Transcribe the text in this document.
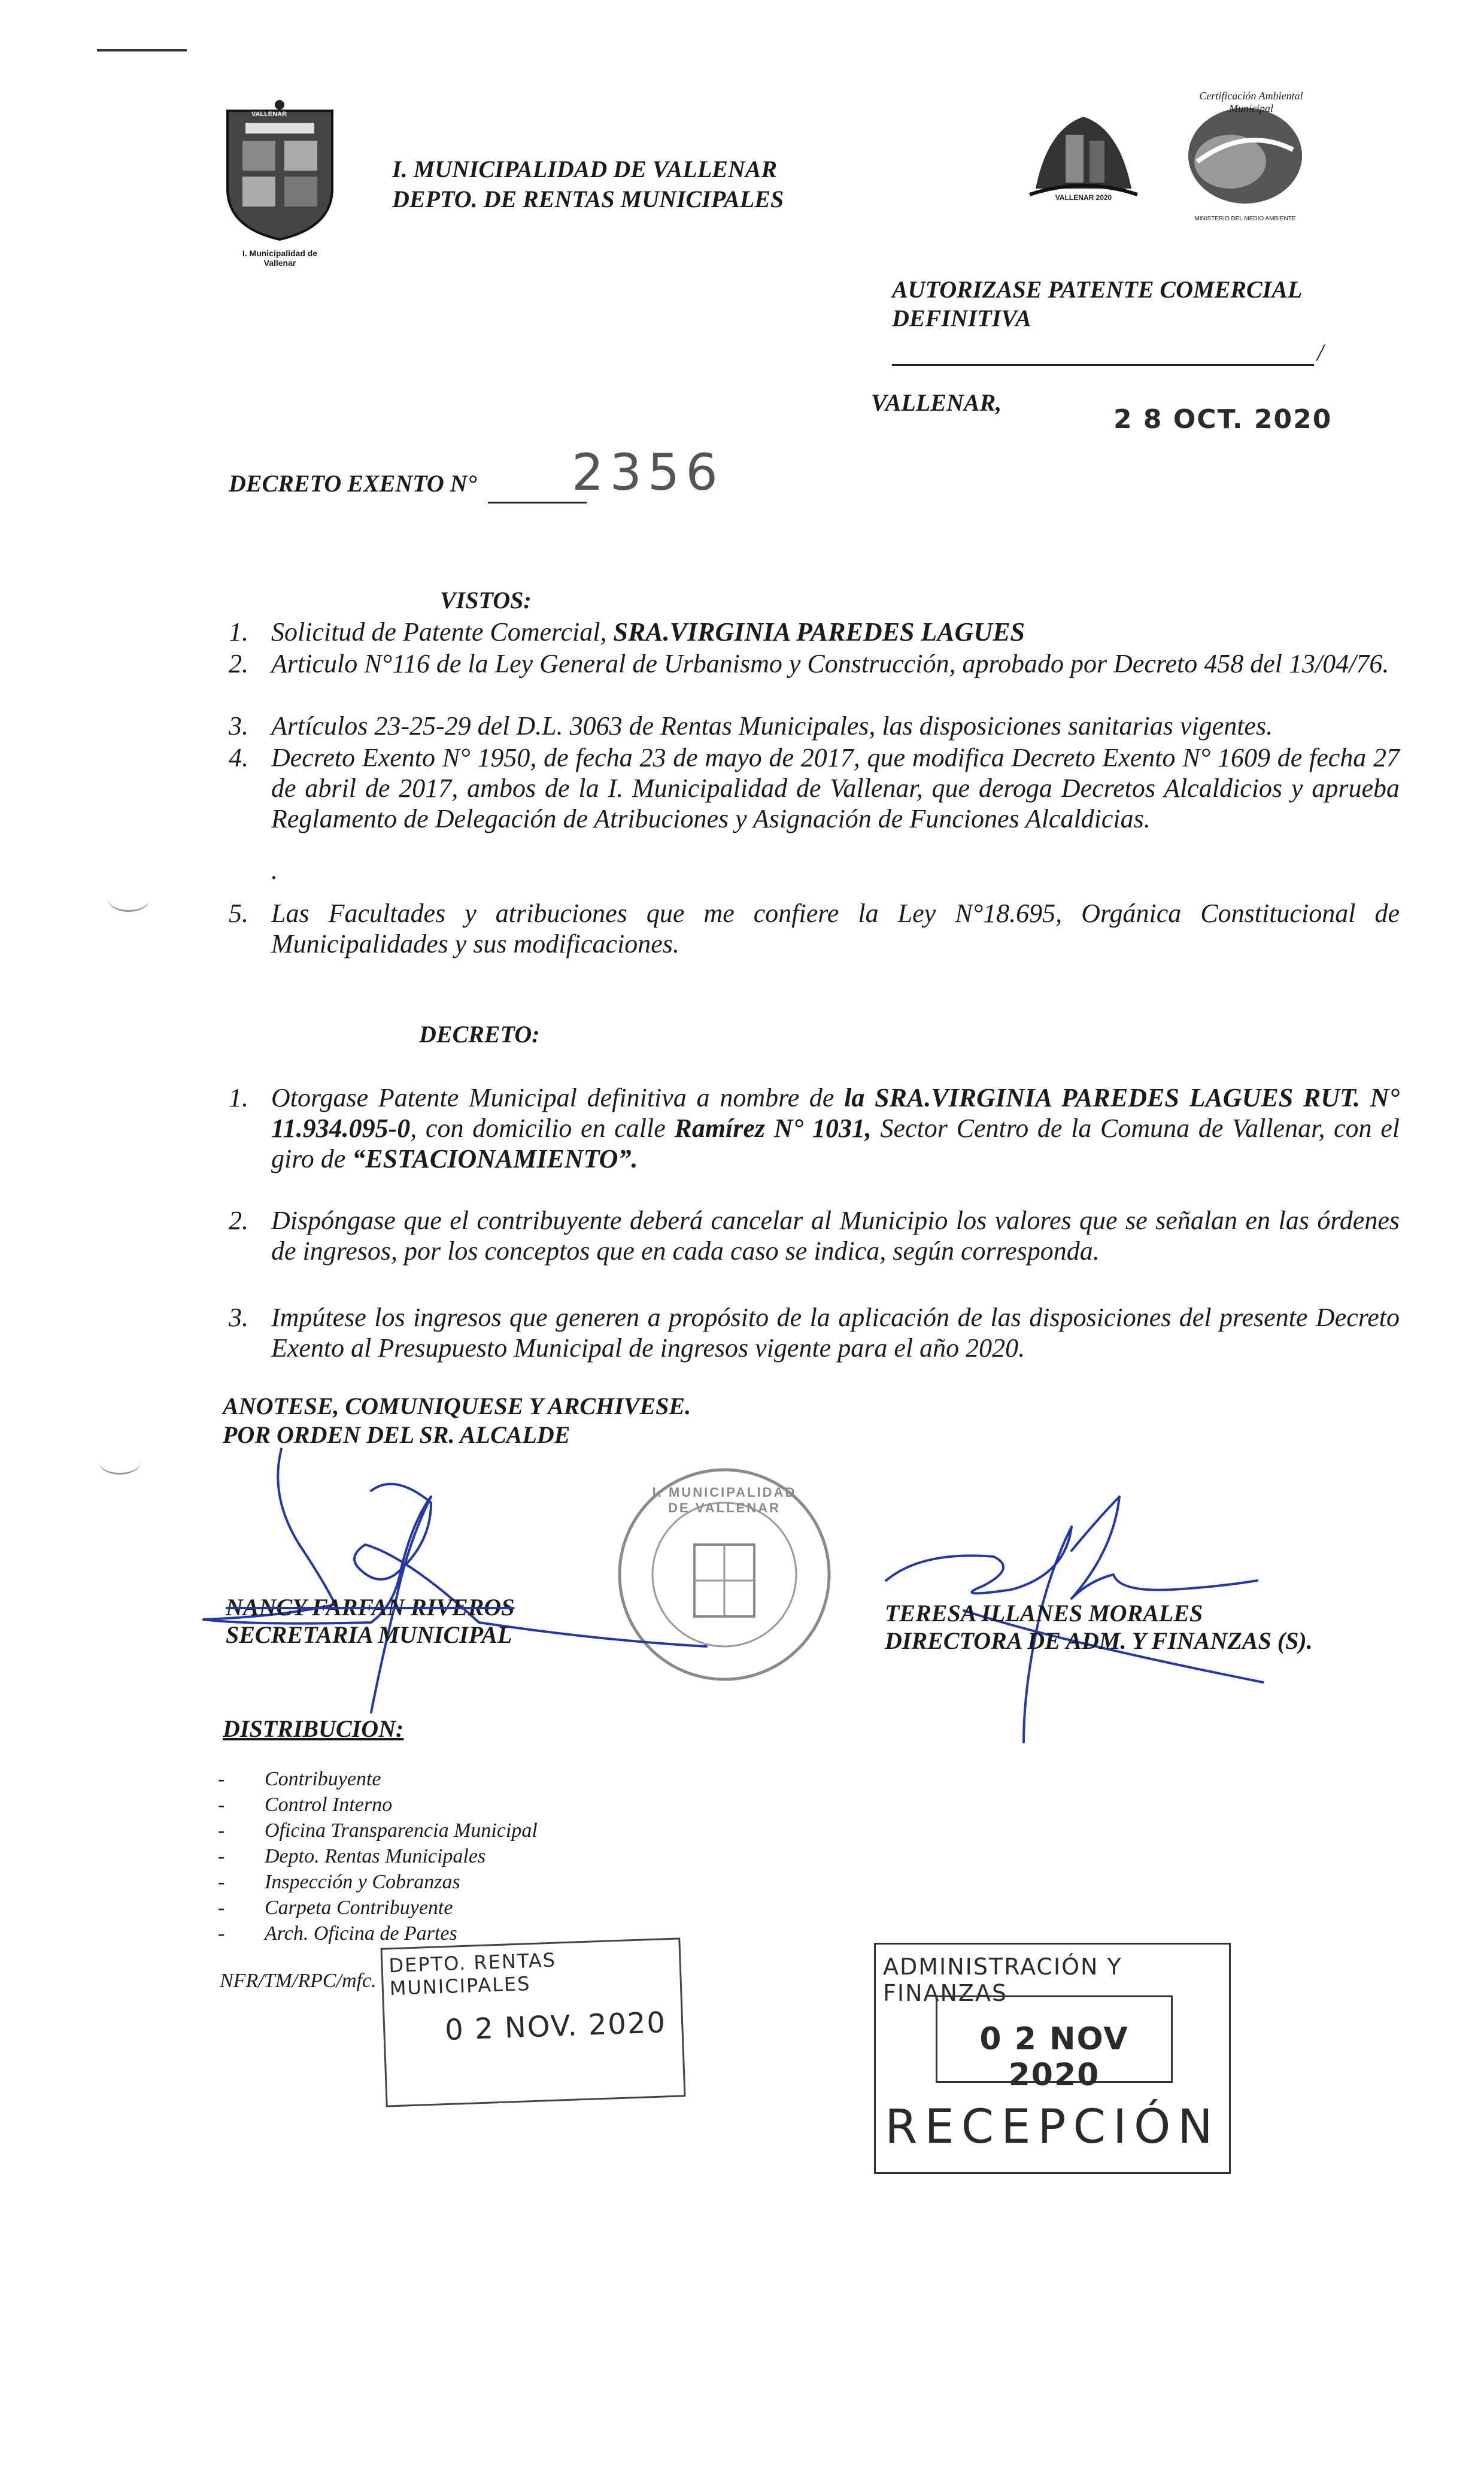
I. Municipalidad de
Vallenar
VALLENAR
I. MUNICIPALIDAD DE VALLENAR
DEPTO. DE RENTAS MUNICIPALES	VALLENAR 2020
Certificación Ambiental Municipal
MINISTERIO DEL MEDIO AMBIENTE
AUTORIZASE PATENTE COMERCIAL
DEFINITIVA
/
VALLENAR,
2 8 OCT. 2020
DECRETO EXENTO N° 2356
VISTOS:
1. Solicitud de Patente Comercial, SRA.VIRGINIA PAREDES LAGUES
2. Articulo N°116 de la Ley General de Urbanismo y Construcción, aprobado por Decreto 458 del 13/04/76.
3. Artículos 23-25-29 del D.L. 3063 de Rentas Municipales, las disposiciones sanitarias vigentes.
4. Decreto Exento N° 1950, de fecha 23 de mayo de 2017, que modifica Decreto Exento N° 1609 de fecha 27 de abril de 2017, ambos de la I. Municipalidad de Vallenar, que deroga Decretos Alcaldicios y aprueba Reglamento de Delegación de Atribuciones y Asignación de Funciones Alcaldicias.
.
5. Las Facultades y atribuciones que me confiere la Ley N°18.695, Orgánica Constitucional de Municipalidades y sus modificaciones.
DECRETO:
1. Otorgase Patente Municipal definitiva a nombre de la SRA.VIRGINIA PAREDES LAGUES RUT. N° 11.934.095-0, con domicilio en calle Ramírez N° 1031, Sector Centro de la Comuna de Vallenar, con el giro de “ESTACIONAMIENTO”.
2. Dispóngase que el contribuyente deberá cancelar al Municipio los valores que se señalan en las órdenes de ingresos, por los conceptos que en cada caso se indica, según corresponda.
3. Impútese los ingresos que generen a propósito de la aplicación de las disposiciones del presente Decreto Exento al Presupuesto Municipal de ingresos vigente para el año 2020.
ANOTESE, COMUNIQUESE Y ARCHIVESE.
POR ORDEN DEL SR. ALCALDE
I. MUNICIPALIDAD DE VALLENAR
NANCY FARFAN RIVEROS
SECRETARIA MUNICIPAL
TERESA ILLANES MORALES
DIRECTORA DE ADM. Y FINANZAS (S).
DISTRIBUCION:
- Contribuyente
- Control Interno
- Oficina Transparencia Municipal
- Depto. Rentas Municipales
- Inspección y Cobranzas
- Carpeta Contribuyente
- Arch. Oficina de Partes
NFR/TM/RPC/mfc.
DEPTO. RENTAS MUNICIPALES
0 2 NOV. 2020
ADMINISTRACIÓN Y FINANZAS
0 2 NOV 2020
RECEPCIÓN
